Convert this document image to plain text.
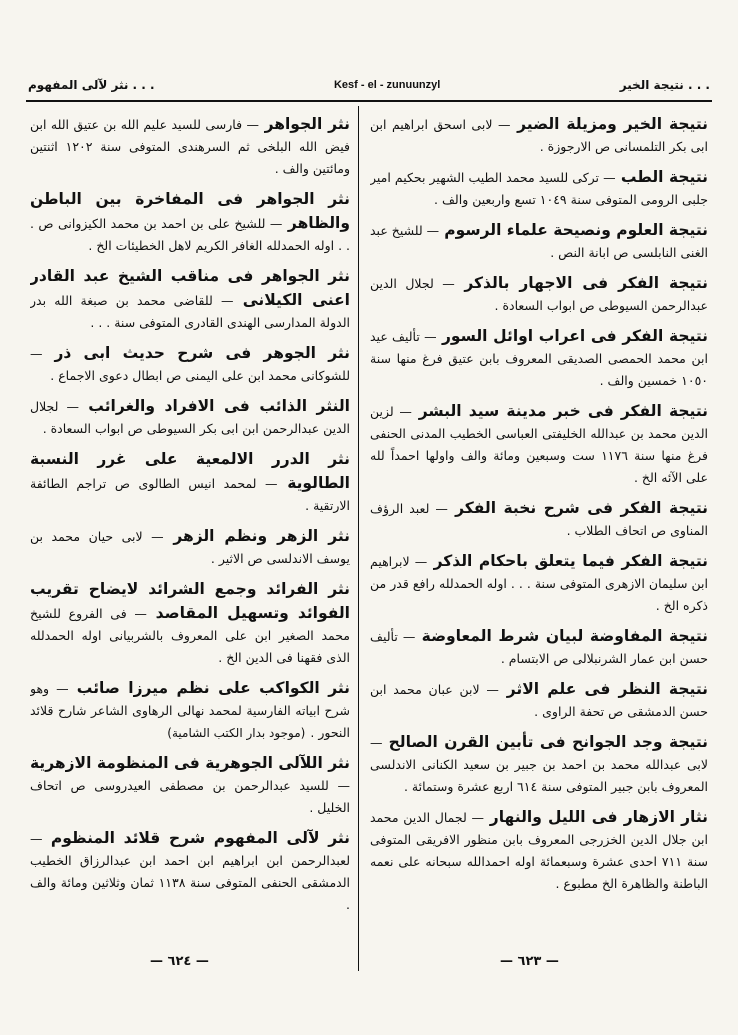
نثر لآلى المفهوم . . .	Kesf - el - zunuunzyl	نتيجة الخير . . .
نتيجة الخير ومزيلة الضير — لابى اسحق ابراهيم ابن ابى بكر التلمسانى ص الارجوزة .
نتيجة الطب — ترکی للسيد محمد الطيب الشهير بحكيم امير جلبى الرومى المتوفى سنة ١٠٤٩ تسع واربعين والف .
نتيجة العلوم ونصيحة علماء الرسوم — للشيخ عبد الغنى النابلسى ص ابانة النص .
نتيجة الفكر فى الاجهار بالذكر — لجلال الدين عبدالرحمن السيوطى ص ابواب السعادة .
نتيجة الفكر فى اعراب اوائل السور — تأليف عيد ابن محمد الحمصى الصديقى المعروف بابن عتيق فرغ منها سنة ١٠٥٠ خمسين والف .
نتيجة الفكر فى خبر مدينة سيد البشر — لزين الدين محمد بن عبدالله الخليفتى العباسى الخطيب المدنى الحنفى فرغ منها سنة ١١٧٦ ست وسبعين ومائة والف واولها احمداً لله على الآئه الخ .
نتيجة الفكر فى شرح نخبة الفكر — لعبد الرؤف المناوى ص اتحاف الطلاب .
نتيجة الفكر فيما يتعلق باحكام الذكر — لابراهيم ابن سليمان الازهرى المتوفى سنة . . . اوله الحمدلله رافع قدر من ذكره الخ .
نتيجة المفاوضة لبيان شرط المعاوضة — تأليف حسن ابن عمار الشرنبلالى ص الابتسام .
نتيجة النظر فى علم الاثر — لابن عبان محمد ابن حسن الدمشقى ص تحفة الراوى .
نتيجة وجد الجوانح فى تأبين القرن الصالح — لابى عبدالله محمد بن احمد بن جبير بن سعيد الكنانى الاندلسى المعروف بابن جبير المتوفى سنة ٦١٤ اربع عشرة وستمائة .
نثار الازهار فى الليل والنهار — لجمال الدين محمد ابن جلال الدين الخزرجى المعروف بابن منظور الافريقى المتوفى سنة ٧١١ احدى عشرة وسبعمائة اوله احمدالله سبحانه على نعمه الباطنة والظاهرة الخ مطبوع .
نثر الجواهر — فارسى للسيد عليم الله بن عتيق الله ابن فيض الله البلخى ثم السرهندى المتوفى سنة ١٢٠٢ اثنتين ومائتين والف .
نثر الجواهر فى المفاخرة بين الباطن والظاهر — للشيخ على بن احمد بن محمد الكيزوانى ص . . . اوله الحمدلله الغافر الكريم لاهل الخطيئات الخ .
نثر الجواهر فى مناقب الشيخ عبد القادر اعنى الكيلانى — للقاضى محمد بن صبغة الله بدر الدولة المدارسى الهندى القادرى المتوفى سنة . . .
نثر الجوهر فى شرح حديث ابى ذر — للشوكانى محمد ابن على اليمنى ص ابطال دعوى الاجماع .
النثر الذائب فى الافراد والغرائب — لجلال الدين عبدالرحمن ابن ابى بكر السيوطى ص ابواب السعادة .
نثر الدرر الالمعية على غرر النسبة الطالوية — لمحمد انيس الطالوى ص تراجم الطائفة الارتقية .
نثر الزهر ونظم الزهر — لابى حيان محمد بن يوسف الاندلسى ص الاثير .
نثر الفرائد وجمع الشرائد لايضاح تقريب الفوائد وتسهيل المقاصد — فى الفروع للشيخ محمد الصغير ابن على المعروف بالشربيانى اوله الحمدلله الذى فقهنا فى الدين الخ .
نثر الكواكب على نظم ميرزا صائب — وهو شرح ابياته الفارسية لمحمد نهالى الرهاوى الشاعر شارح قلائد النحور . (موجود بدار الكتب الشامية)
نثر اللآلى الجوهرية فى المنظومة الازهرية — للسيد عبدالرحمن بن مصطفى العيدروسى ص اتحاف الخليل .
نثر لآلى المفهوم شرح قلائد المنظوم — لعبدالرحمن ابن ابراهيم ابن احمد ابن عبدالرزاق الخطيب الدمشقى الحنفى المتوفى سنة ١١٣٨ ثمان وثلاثين ومائة والف .
— ٦٢٤ —	— ٦٢٣ —
